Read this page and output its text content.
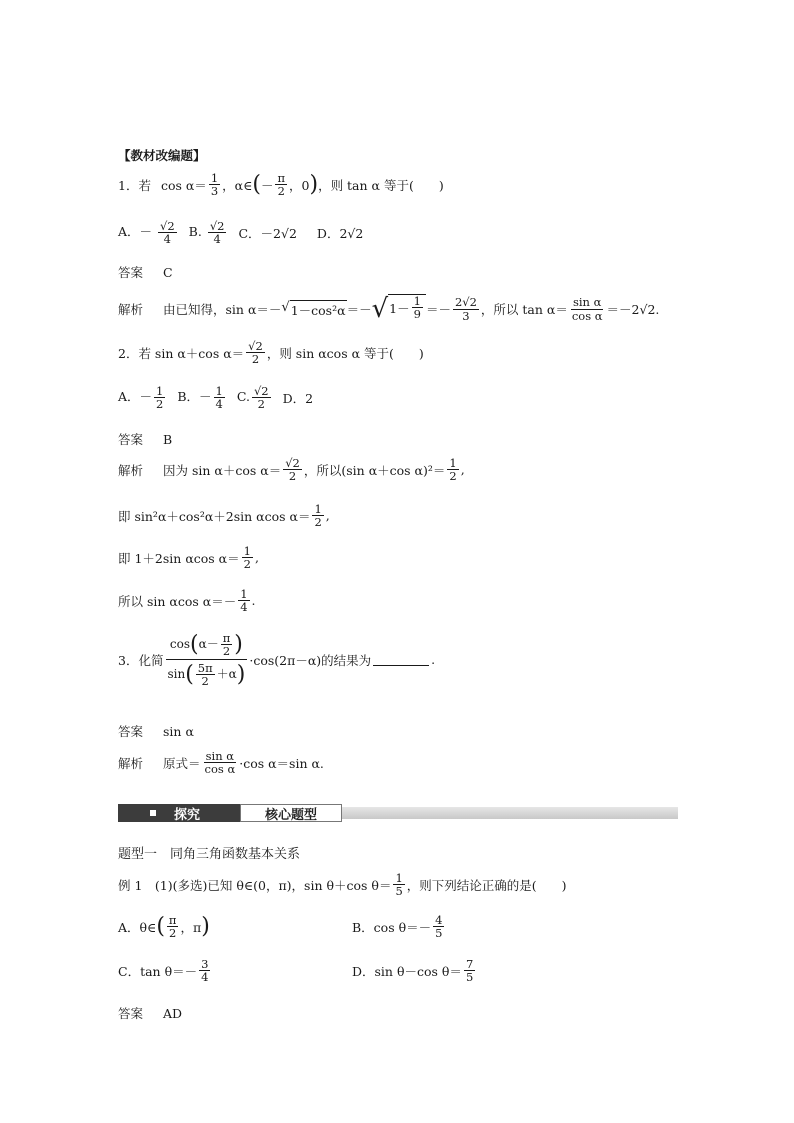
【教材改编题】
1．若 $\cos \alpha= \frac{1}{3}$ ，α∈ ( － $\frac{\pi}{2}$ ，0 ) ，则 tan α 等于(　　)
A．－ $\frac{√2}{4} B$. $\frac{√2}{4}$ C．－2√2 D．2√2
答案 C
解析 由已知得，sin α＝－ √ 1－cos²α ＝－ √ $1- \frac{1}{9} =- \frac{2√2}{3}$ ，所以 $\tan \alpha= \frac{\text{sin α}}{\text{cos α}} =-2√2$.
2．若 sin α＋cos $\alpha= \frac{√2}{2}$ ，则 sin αcos α 等于(　　)
A．－ $\frac{1}{2}$ B．－ $\frac{1}{4} C$. $\frac{√2}{2}$ D．2
答案 B
解析 因为 sin α＋cos $\alpha= \frac{√2}{2}$ ，所以(sin α＋cos $\alpha)^2= \frac{1}{2}$ ,
即 sin²α＋cos²α＋2sin αcos $\alpha= \frac{1}{2}$ ,
即 1＋2sin αcos $\alpha= \frac{1}{2}$ ,
所以 sin αcos $\alpha=- \frac{1}{4}$ .
3．化简 $\frac{\cos ( \alpha- \frac{\pi}{2} )}{\sin ( \frac{5\pi}{2} +\alpha )} \cdot\cos(2\pi-\alpha)$的结果为	.
答案 sin α
解析 原式＝ $\frac{\text{sin α}}{\text{cos α}} \cdot\cos$ α＝sin α.
探究	核心题型
题型一　同角三角函数基本关系
例 1　(1)(多选)已知 θ∈(0，π)，sin θ＋cos $\theta= \frac{1}{5}$ ，则下列结论正确的是(　　)
A．θ∈ ( $\frac{\pi}{2}$ ，π )	B．$\cos \theta=- \frac{4}{5}$
C．$\tan \theta=- \frac{3}{4}$	D．sin θ－cos $\theta= \frac{7}{5}$
答案 AD
